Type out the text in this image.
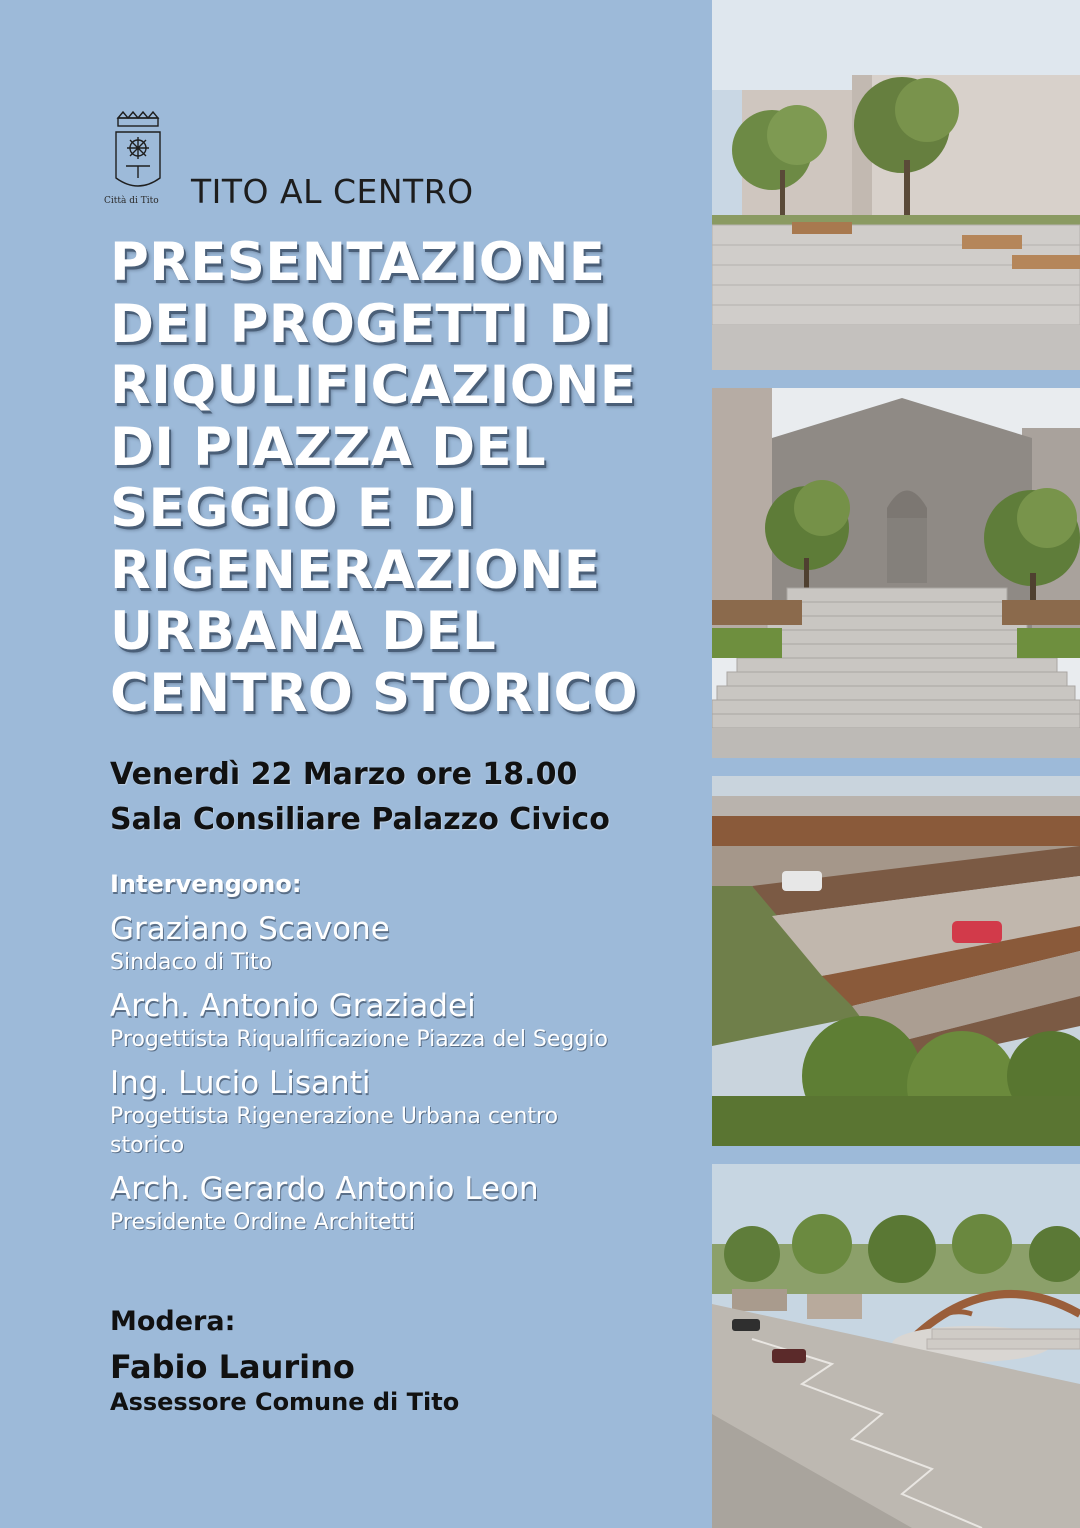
Città di Tito TITO AL CENTRO
PRESENTAZIONE
DEI PROGETTI DI
RIQULIFICAZIONE
DI PIAZZA DEL
SEGGIO E DI
RIGENERAZIONE
URBANA DEL
CENTRO STORICO
Venerdì 22 Marzo ore 18.00
Sala Consiliare Palazzo Civico
Intervengono:
Graziano Scavone
Sindaco di Tito
Arch. Antonio Graziadei
Progettista Riqualificazione Piazza del Seggio
Ing. Lucio Lisanti
Progettista Rigenerazione Urbana centro storico
Arch. Gerardo Antonio Leon
Presidente Ordine Architetti
Modera:
Fabio Laurino
Assessore Comune di Tito
